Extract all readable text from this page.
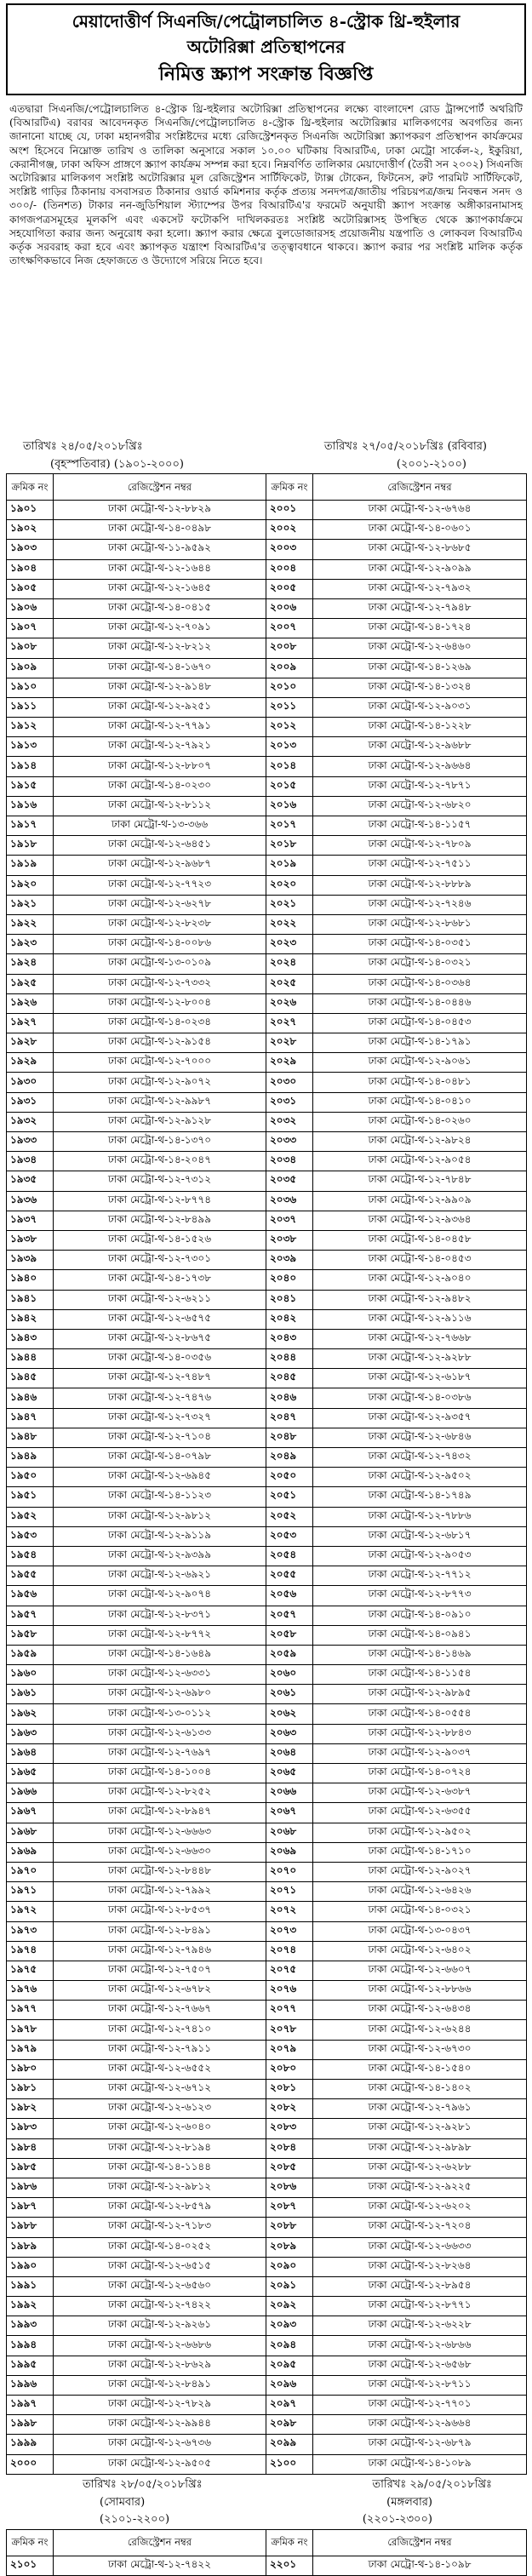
মেয়াদোত্তীর্ণ সিএনজি/পেট্রোলচালিত ৪-স্ট্রোক থ্রি-হুইলার
অটোরিক্সা প্রতিস্থাপনের
নিমিত্ত স্ক্র্যাপ সংক্রান্ত বিজ্ঞপ্তি
এতদ্বারা সিএনজি/পেট্রোলচালিত ৪-স্ট্রোক থ্রি-হুইলার অটোরিক্সা প্রতিস্থাপনের লক্ষ্যে বাংলাদেশ রোড ট্রান্সপোর্ট অথরিটি (বিআরটিএ) বরাবর আবেদনকৃত সিএনজি/পেট্রোলচালিত ৪-স্ট্রোক থ্রি-হুইলার অটোরিক্সার মালিকগণের অবগতির জন্য জানানো যাচ্ছে যে, ঢাকা মহানগরীর সংশ্লিষ্টদের মধ্যে রেজিস্ট্রেশনকৃত সিএনজি অটোরিক্সা স্ক্র্যাপকরণ প্রতিস্থাপন কার্যক্রমের অংশ হিসেবে নিম্নোক্ত তারিখ ও তালিকা অনুসারে সকাল ১০.০০ ঘটিকায় বিআরটিএ, ঢাকা মেট্রো সার্কেল-২, ইকুরিয়া, কেরানীগঞ্জ, ঢাকা অফিস প্রাঙ্গণে স্ক্র্যাপ কার্যক্রম সম্পন্ন করা হবে। নিম্নবর্ণিত তালিকার মেয়াদোত্তীর্ণ (তৈরী সন ২০০২) সিএনজি অটোরিক্সার মালিকগণ সংশ্লিষ্ট অটোরিক্সার মূল রেজিস্ট্রেশন সার্টিফিকেট, ট্যাক্স টোকেন, ফিটনেস, রুট পারমিট সার্টিফিকেট, সংশ্লিষ্ট গাড়ির ঠিকানায় বসবাসরত ঠিকানার ওয়ার্ড কমিশনার কর্তৃক প্রত্যয় সনদপত্র/জাতীয় পরিচয়পত্র/জন্ম নিবন্ধন সনদ ও ৩০০/- (তিনশত) টাকার নন-জুডিশিয়াল স্ট্যাম্পের উপর বিআরটিএ'র ফরমেট অনুযায়ী স্ক্র্যাপ সংক্রান্ত অঙ্গীকারনামাসহ কাগজপত্রসমূহের মূলকপি এবং একসেট ফটোকপি দাখিলকরতঃ সংশ্লিষ্ট অটোরিক্সাসহ উপস্থিত থেকে স্ক্র্যাপকার্যক্রমে সহযোগিতা করার জন্য অনুরোধ করা হলো। স্ক্র্যাপ করার ক্ষেত্রে বুলডোজারসহ প্রয়োজনীয় যন্ত্রপাতি ও লোকবল বিআরটিএ কর্তৃক সরবরাহ করা হবে এবং স্ক্র্যাপকৃত যন্ত্রাংশ বিআরটিএ'র তত্ত্বাবধানে থাকবে। স্ক্র্যাপ করার পর সংশ্লিষ্ট মালিক কর্তৃক তাৎক্ষণিকভাবে নিজ হেফাজতে ও উদ্যোগে সরিয়ে নিতে হবে।
তারিখঃ ২৪/০৫/২০১৮খ্রিঃ	তারিখঃ ২৭/০৫/২০১৮খ্রিঃ (রবিবার)
(বৃহস্পতিবার) (১৯০১-২০০০)	(২০০১-২১০০)
ক্রমিক নং	রেজিস্ট্রেশন নম্বর	ক্রমিক নং	রেজিস্ট্রেশন নম্বর
১৯০১	ঢাকা মেট্রো-থ-১২-৮৮২৯	২০০১	ঢাকা মেট্রো-থ-১২-৬৭৬৪
১৯০২	ঢাকা মেট্রো-থ-১৪-০৪৯৮	২০০২	ঢাকা মেট্রো-থ-১৪-০৬০১
১৯০৩	ঢাকা মেট্রো-থ-১১-৯৫৯২	২০০৩	ঢাকা মেট্রো-থ-১২-৮৬৮৫
১৯০৪	ঢাকা মেট্রো-থ-১২-১৬৪৪	২০০৪	ঢাকা মেট্রো-থ-১২-৯০৯৯
১৯০৫	ঢাকা মেট্রো-থ-১২-১৬৪৫	২০০৫	ঢাকা মেট্রো-থ-১২-৭৯৩২
১৯০৬	ঢাকা মেট্রো-থ-১৪-০৪১৫	২০০৬	ঢাকা মেট্রো-থ-১২-৭৯৪৮
১৯০৭	ঢাকা মেট্রো-থ-১২-৭০৯১	২০০৭	ঢাকা মেট্রো-থ-১৪-১৭২৪
১৯০৮	ঢাকা মেট্রো-থ-১২-৮২১২	২০০৮	ঢাকা মেট্রো-থ-১২-৬৪৬০
১৯০৯	ঢাকা মেট্রো-থ-১৪-১৬৭০	২০০৯	ঢাকা মেট্রো-থ-১৪-১২৬৯
১৯১০	ঢাকা মেট্রো-থ-১২-৯১৪৮	২০১০	ঢাকা মেট্রো-থ-১৪-১৩২৪
১৯১১	ঢাকা মেট্রো-থ-১২-৯২৫১	২০১১	ঢাকা মেট্রো-থ-১২-৯০৩১
১৯১২	ঢাকা মেট্রো-থ-১২-৭৭৯১	২০১২	ঢাকা মেট্রো-থ-১৪-১২২৮
১৯১৩	ঢাকা মেট্রো-থ-১২-৭৯২১	২০১৩	ঢাকা মেট্রো-থ-১২-৯৬৮৮
১৯১৪	ঢাকা মেট্রো-থ-১২-৮৮০৭	২০১৪	ঢাকা মেট্রো-থ-১২-৯৬৬৪
১৯১৫	ঢাকা মেট্রো-থ-১৪-০২৩০	২০১৫	ঢাকা মেট্রো-থ-১২-৭৮৭১
১৯১৬	ঢাকা মেট্রো-থ-১২-৮১১২	২০১৬	ঢাকা মেট্রো-থ-১২-৬৮২০
১৯১৭	ঢাকা মেট্রো-থ-১৩-৩৬৬	২০১৭	ঢাকা মেট্রো-থ-১৪-১১৫৭
১৯১৮	ঢাকা মেট্রো-থ-১২-৬৪৫১	২০১৮	ঢাকা মেট্রো-থ-১২-৭৮০৯
১৯১৯	ঢাকা মেট্রো-থ-১২-৯৬৮৭	২০১৯	ঢাকা মেট্রো-থ-১২-৭৫১১
১৯২০	ঢাকা মেট্রো-থ-১২-৭৭২৩	২০২০	ঢাকা মেট্রো-থ-১২-৮৮৮৯
১৯২১	ঢাকা মেট্রো-থ-১২-৬২৭৮	২০২১	ঢাকা মেট্রো-থ-১২-৭২৪৬
১৯২২	ঢাকা মেট্রো-থ-১২-৮২৩৮	২০২২	ঢাকা মেট্রো-থ-১২-৮৬৮১
১৯২৩	ঢাকা মেট্রো-থ-১৪-০০৮৬	২০২৩	ঢাকা মেট্রো-থ-১৪-০৩৫১
১৯২৪	ঢাকা মেট্রো-থ-১৩-০১০৯	২০২৪	ঢাকা মেট্রো-থ-১৪-০৩২১
১৯২৫	ঢাকা মেট্রো-থ-১২-৭৩৩২	২০২৫	ঢাকা মেট্রো-থ-১৪-০৩৬৪
১৯২৬	ঢাকা মেট্রো-থ-১২-৮০০৪	২০২৬	ঢাকা মেট্রো-থ-১৪-০৪৪৬
১৯২৭	ঢাকা মেট্রো-থ-১৪-০২৩৪	২০২৭	ঢাকা মেট্রো-থ-১৪-০৪৫৩
১৯২৮	ঢাকা মেট্রো-থ-১২-৯১৫৪	২০২৮	ঢাকা মেট্রো-থ-১৪-১৭৯১
১৯২৯	ঢাকা মেট্রো-থ-১২-৭০০০	২০২৯	ঢাকা মেট্রো-থ-১২-৯০৬১
১৯৩০	ঢাকা মেট্রো-থ-১২-৯০৭২	২০৩০	ঢাকা মেট্রো-থ-১৪-০৪৮১
১৯৩১	ঢাকা মেট্রো-থ-১২-৯৯৮৭	২০৩১	ঢাকা মেট্রো-থ-১৪-০৪১০
১৯৩২	ঢাকা মেট্রো-থ-১২-৯১২৮	২০৩২	ঢাকা মেট্রো-থ-১৪-০২৬০
১৯৩৩	ঢাকা মেট্রো-থ-১৪-১৩৭০	২০৩৩	ঢাকা মেট্রো-থ-১২-৯৮২৪
১৯৩৪	ঢাকা মেট্রো-থ-১৪-২০৪৭	২০৩৪	ঢাকা মেট্রো-থ-১২-৯০৫৪
১৯৩৫	ঢাকা মেট্রো-থ-১২-৭৩১২	২০৩৫	ঢাকা মেট্রো-থ-১২-৭৮৪৮
১৯৩৬	ঢাকা মেট্রো-থ-১২-৮৭৭৪	২০৩৬	ঢাকা মেট্রো-থ-১২-৯৯০৯
১৯৩৭	ঢাকা মেট্রো-থ-১২-৮৪৯৯	২০৩৭	ঢাকা মেট্রো-থ-১২-৯৩৬৪
১৯৩৮	ঢাকা মেট্রো-থ-১৪-১৫২৬	২০৩৮	ঢাকা মেট্রো-থ-১৪-০৪৫৮
১৯৩৯	ঢাকা মেট্রো-থ-১২-৭৩০১	২০৩৯	ঢাকা মেট্রো-থ-১৪-০৪৫৩
১৯৪০	ঢাকা মেট্রো-থ-১৪-১৭৩৮	২০৪০	ঢাকা মেট্রো-থ-১২-৯০৪০
১৯৪১	ঢাকা মেট্রো-থ-১২-৬২১১	২০৪১	ঢাকা মেট্রো-থ-১২-৯৪৮২
১৯৪২	ঢাকা মেট্রো-থ-১২-৬৫৭৫	২০৪২	ঢাকা মেট্রো-থ-১২-৯১১৬
১৯৪৩	ঢাকা মেট্রো-থ-১২-৮৬৭৫	২০৪৩	ঢাকা মেট্রো-থ-১২-৭৬৬৮
১৯৪৪	ঢাকা মেট্রো-থ-১৪-০৩৫৬	২০৪৪	ঢাকা মেট্রো-থ-১২-৯২৮৮
১৯৪৫	ঢাকা মেট্রো-থ-১২-৭৪৮৭	২০৪৫	ঢাকা মেট্রো-থ-১২-৬১৮৭
১৯৪৬	ঢাকা মেট্রো-থ-১২-৭৪৭৬	২০৪৬	ঢাকা মেট্রো-থ-১৪-০৩৮৬
১৯৪৭	ঢাকা মেট্রো-থ-১২-৭৩২৭	২০৪৭	ঢাকা মেট্রো-থ-১২-৯৩৫৭
১৯৪৮	ঢাকা মেট্রো-থ-১২-৭১০৪	২০৪৮	ঢাকা মেট্রো-থ-১২-৬৮৪৬
১৯৪৯	ঢাকা মেট্রো-থ-১৪-০৭৯৮	২০৪৯	ঢাকা মেট্রো-থ-১২-৭৪৩২
১৯৫০	ঢাকা মেট্রো-থ-১২-৬৯৪৫	২০৫০	ঢাকা মেট্রো-থ-১২-৯৫০২
১৯৫১	ঢাকা মেট্রো-থ-১৪-১১২৩	২০৫১	ঢাকা মেট্রো-থ-১৪-১৭৪৯
১৯৫২	ঢাকা মেট্রো-থ-১২-৯৮১২	২০৫২	ঢাকা মেট্রো-থ-১২-৭৮৮৬
১৯৫৩	ঢাকা মেট্রো-থ-১২-৯১১৯	২০৫৩	ঢাকা মেট্রো-থ-১২-৬৮১৭
১৯৫৪	ঢাকা মেট্রো-থ-১২-৯৩৯৯	২০৫৪	ঢাকা মেট্রো-থ-১২-৯০৫৩
১৯৫৫	ঢাকা মেট্রো-থ-১২-৬৯২১	২০৫৫	ঢাকা মেট্রো-থ-১২-৭৭১২
১৯৫৬	ঢাকা মেট্রো-থ-১২-৯০৭৪	২০৫৬	ঢাকা মেট্রো-থ-১২-৮৭৭৩
১৯৫৭	ঢাকা মেট্রো-থ-১২-৮৩৭১	২০৫৭	ঢাকা মেট্রো-থ-১৪-০৯১০
১৯৫৮	ঢাকা মেট্রো-থ-১২-৮৭৭২	২০৫৮	ঢাকা মেট্রো-থ-১৪-০৯৪১
১৯৫৯	ঢাকা মেট্রো-থ-১৪-১৬৪৯	২০৫৯	ঢাকা মেট্রো-থ-১৪-১৪৬৯
১৯৬০	ঢাকা মেট্রো-থ-১২-৬৩৩১	২০৬০	ঢাকা মেট্রো-থ-১৪-১১৫৪
১৯৬১	ঢাকা মেট্রো-থ-১২-৬৯৮০	২০৬১	ঢাকা মেট্রো-থ-১২-৯৮৯৫
১৯৬২	ঢাকা মেট্রো-থ-১৩-০১১২	২০৬২	ঢাকা মেট্রো-থ-১৪-০৫৫৪
১৯৬৩	ঢাকা মেট্রো-থ-১২-৬১৩৩	২০৬৩	ঢাকা মেট্রো-থ-১২-৮৮৪৩
১৯৬৪	ঢাকা মেট্রো-থ-১২-৭৬৯৭	২০৬৪	ঢাকা মেট্রো-থ-১২-৯০৩৭
১৯৬৫	ঢাকা মেট্রো-থ-১৪-১০০৪	২০৬৫	ঢাকা মেট্রো-থ-১৪-০৭২৪
১৯৬৬	ঢাকা মেট্রো-থ-১২-৮২৫২	২০৬৬	ঢাকা মেট্রো-থ-১২-৬৩৮৭
১৯৬৭	ঢাকা মেট্রো-থ-১২-৮৯৪৭	২০৬৭	ঢাকা মেট্রো-থ-১২-৬৩৫৫
১৯৬৮	ঢাকা মেট্রো-থ-১২-৬৬৬৩	২০৬৮	ঢাকা মেট্রো-থ-১২-৯৫০২
১৯৬৯	ঢাকা মেট্রো-থ-১২-৬৬৩০	২০৬৯	ঢাকা মেট্রো-থ-১৪-১৭১০
১৯৭০	ঢাকা মেট্রো-থ-১২-৮৪৪৮	২০৭০	ঢাকা মেট্রো-থ-১২-৯০২৭
১৯৭১	ঢাকা মেট্রো-থ-১২-৭৯৯২	২০৭১	ঢাকা মেট্রো-থ-১২-৬৪২৬
১৯৭২	ঢাকা মেট্রো-থ-১২-৮৫৩৭	২০৭২	ঢাকা মেট্রো-থ-১৪-০৩২১
১৯৭৩	ঢাকা মেট্রো-থ-১২-৮৪৯১	২০৭৩	ঢাকা মেট্রো-থ-১৩-০৪৩৭
১৯৭৪	ঢাকা মেট্রো-থ-১২-৭৯৪৬	২০৭৪	ঢাকা মেট্রো-থ-১২-৬৪০২
১৯৭৫	ঢাকা মেট্রো-থ-১২-৭৫০৭	২০৭৫	ঢাকা মেট্রো-থ-১২-৬৬০৭
১৯৭৬	ঢাকা মেট্রো-থ-১২-৬৭৮২	২০৭৬	ঢাকা মেট্রো-থ-১২-৮৮৬৬
১৯৭৭	ঢাকা মেট্রো-থ-১২-৭৬৬৭	২০৭৭	ঢাকা মেট্রো-থ-১২-৬৪৩৪
১৯৭৮	ঢাকা মেট্রো-থ-১২-৭৪১০	২০৭৮	ঢাকা মেট্রো-থ-১২-৬২৪৪
১৯৭৯	ঢাকা মেট্রো-থ-১২-৭৯১১	২০৭৯	ঢাকা মেট্রো-থ-১২-৬৭৩০
১৯৮০	ঢাকা মেট্রো-থ-১২-৬৫৫২	২০৮০	ঢাকা মেট্রো-থ-১৪-১৫৪০
১৯৮১	ঢাকা মেট্রো-থ-১২-৬৭১২	২০৮১	ঢাকা মেট্রো-থ-১৪-১৪০২
১৯৮২	ঢাকা মেট্রো-থ-১২-৬১২৩	২০৮২	ঢাকা মেট্রো-থ-১২-৭৯৬১
১৯৮৩	ঢাকা মেট্রো-থ-১২-৬০৪০	২০৮৩	ঢাকা মেট্রো-থ-১২-৯২৮১
১৯৮৪	ঢাকা মেট্রো-থ-১২-৮১৯৪	২০৮৪	ঢাকা মেট্রো-থ-১২-৯৮৯৮
১৯৮৫	ঢাকা মেট্রো-থ-১৪-১১৪৪	২০৮৫	ঢাকা মেট্রো-থ-১২-৬২৮৮
১৯৮৬	ঢাকা মেট্রো-থ-১২-৯৮১২	২০৮৬	ঢাকা মেট্রো-থ-১২-৯২২৫
১৯৮৭	ঢাকা মেট্রো-থ-১২-৮৫৭৯	২০৮৭	ঢাকা মেট্রো-থ-১২-৬২০২
১৯৮৮	ঢাকা মেট্রো-থ-১২-৭১৮৩	২০৮৮	ঢাকা মেট্রো-থ-১২-৭২০৪
১৯৮৯	ঢাকা মেট্রো-থ-১৪-০২৫২	২০৮৯	ঢাকা মেট্রো-থ-১২-৬৬৩৩
১৯৯০	ঢাকা মেট্রো-থ-১২-৬৫১৫	২০৯০	ঢাকা মেট্রো-থ-১২-৮২৬৪
১৯৯১	ঢাকা মেট্রো-থ-১২-৬৫৬০	২০৯১	ঢাকা মেট্রো-থ-১২-৮৯৫৪
১৯৯২	ঢাকা মেট্রো-থ-১২-৭৪২২	২০৯২	ঢাকা মেট্রো-থ-১২-৮৭৭১
১৯৯৩	ঢাকা মেট্রো-থ-১২-৯২৬১	২০৯৩	ঢাকা মেট্রো-থ-১২-৬২২৮
১৯৯৪	ঢাকা মেট্রো-থ-১২-৬৬৮৬	২০৯৪	ঢাকা মেট্রো-থ-১২-৬৮৬৬
১৯৯৫	ঢাকা মেট্রো-থ-১২-৮৬২৯	২০৯৫	ঢাকা মেট্রো-থ-১২-৬৫৬৮
১৯৯৬	ঢাকা মেট্রো-থ-১২-৮৪৯১	২০৯৬	ঢাকা মেট্রো-থ-১২-৮৭১১
১৯৯৭	ঢাকা মেট্রো-থ-১২-৭৮২৯	২০৯৭	ঢাকা মেট্রো-থ-১২-৭৭০১
১৯৯৮	ঢাকা মেট্রো-থ-১২-৯৯৪৪	২০৯৮	ঢাকা মেট্রো-থ-১২-৯৬৬৪
১৯৯৯	ঢাকা মেট্রো-থ-১২-৬৭৩৬	২০৯৯	ঢাকা মেট্রো-থ-১২-৬৮৭৯
২০০০	ঢাকা মেট্রো-থ-১২-৯৫০৫	২১০০	ঢাকা মেট্রো-থ-১৪-১০৮৯
তারিখঃ ২৮/০৫/২০১৮খ্রিঃ	তারিখঃ ২৯/০৫/২০১৮খ্রিঃ
(সোমবার)	(মঙ্গলবার)
(২১০১-২২০০)	(২২০১-২৩০০)
ক্রমিক নং	রেজিস্ট্রেশন নম্বর	ক্রমিক নং	রেজিস্ট্রেশন নম্বর
২১০১	ঢাকা মেট্রো-থ-১২-৭৪২২	২২০১	ঢাকা মেট্রো-থ-১৪-১০৯৮
